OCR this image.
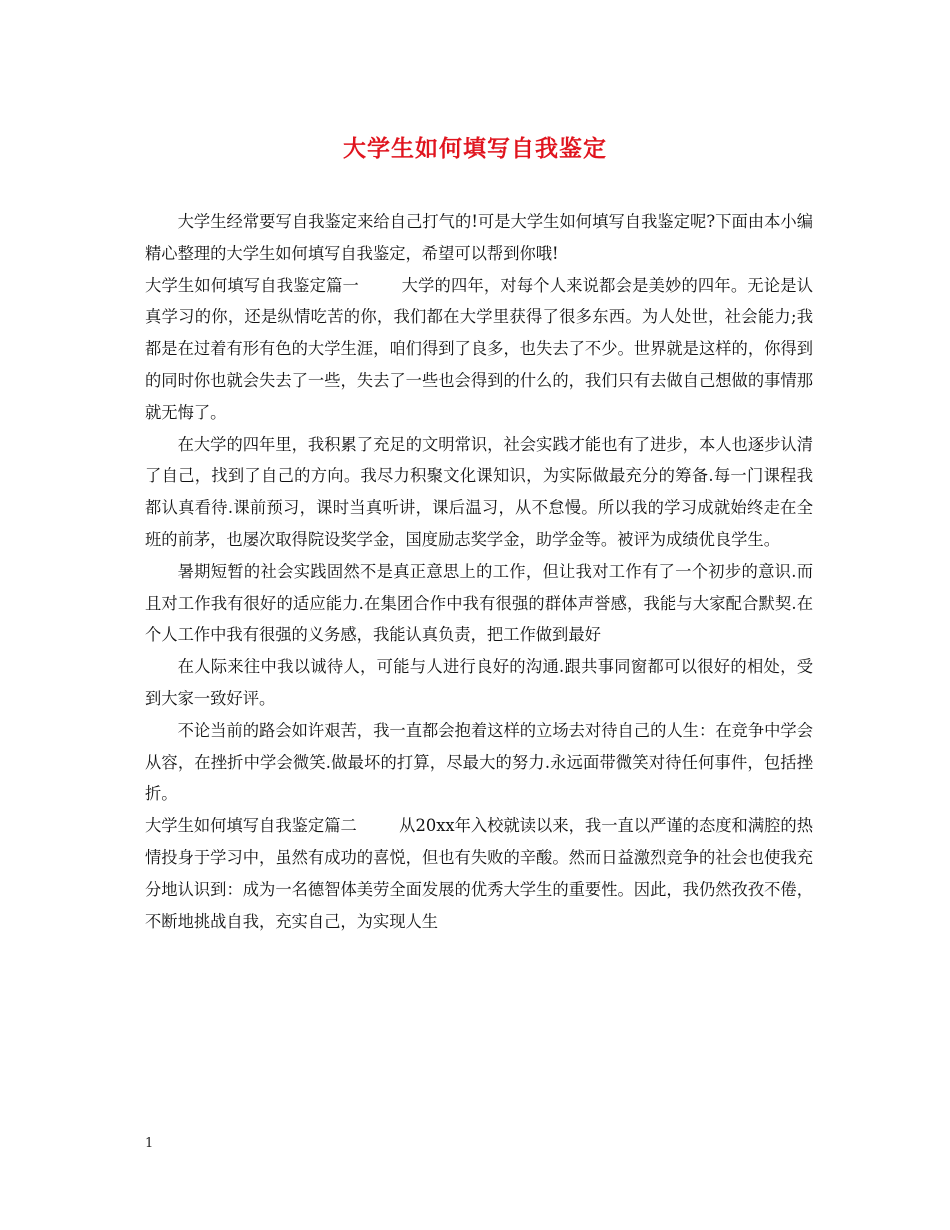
大学生如何填写自我鉴定

大学生经常要写自我鉴定来给自己打气的!可是大学生如何填写自我鉴定呢?下面由本小编精心整理的大学生如何填写自我鉴定，希望可以帮到你哦!

大学生如何填写自我鉴定篇一	大学的四年，对每个人来说都会是美妙的四年。无论是认真学习的你，还是纵情吃苦的你，我们都在大学里获得了很多东西。为人处世，社会能力;我都是在过着有形有色的大学生涯，咱们得到了良多，也失去了不少。世界就是这样的，你得到的同时你也就会失去了一些，失去了一些也会得到的什么的，我们只有去做自己想做的事情那就无悔了。

在大学的四年里，我积累了充足的文明常识，社会实践才能也有了进步，本人也逐步认清了自己，找到了自己的方向。我尽力积聚文化课知识，为实际做最充分的筹备.每一门课程我都认真看待.课前预习，课时当真听讲，课后温习，从不怠慢。所以我的学习成就始终走在全班的前茅，也屡次取得院设奖学金，国度励志奖学金，助学金等。被评为成绩优良学生。

暑期短暂的社会实践固然不是真正意思上的工作，但让我对工作有了一个初步的意识.而且对工作我有很好的适应能力.在集团合作中我有很强的群体声誉感，我能与大家配合默契.在个人工作中我有很强的义务感，我能认真负责，把工作做到最好

在人际来往中我以诚待人，可能与人进行良好的沟通.跟共事同窗都可以很好的相处，受到大家一致好评。

不论当前的路会如许艰苦，我一直都会抱着这样的立场去对待自己的人生：在竞争中学会从容，在挫折中学会微笑.做最坏的打算，尽最大的努力.永远面带微笑对待任何事件，包括挫折。

大学生如何填写自我鉴定篇二	从20xx年入校就读以来，我一直以严谨的态度和满腔的热情投身于学习中，虽然有成功的喜悦，但也有失败的辛酸。然而日益激烈竞争的社会也使我充分地认识到：成为一名德智体美劳全面发展的优秀大学生的重要性。因此，我仍然孜孜不倦，不断地挑战自我，充实自己，为实现人生

1
